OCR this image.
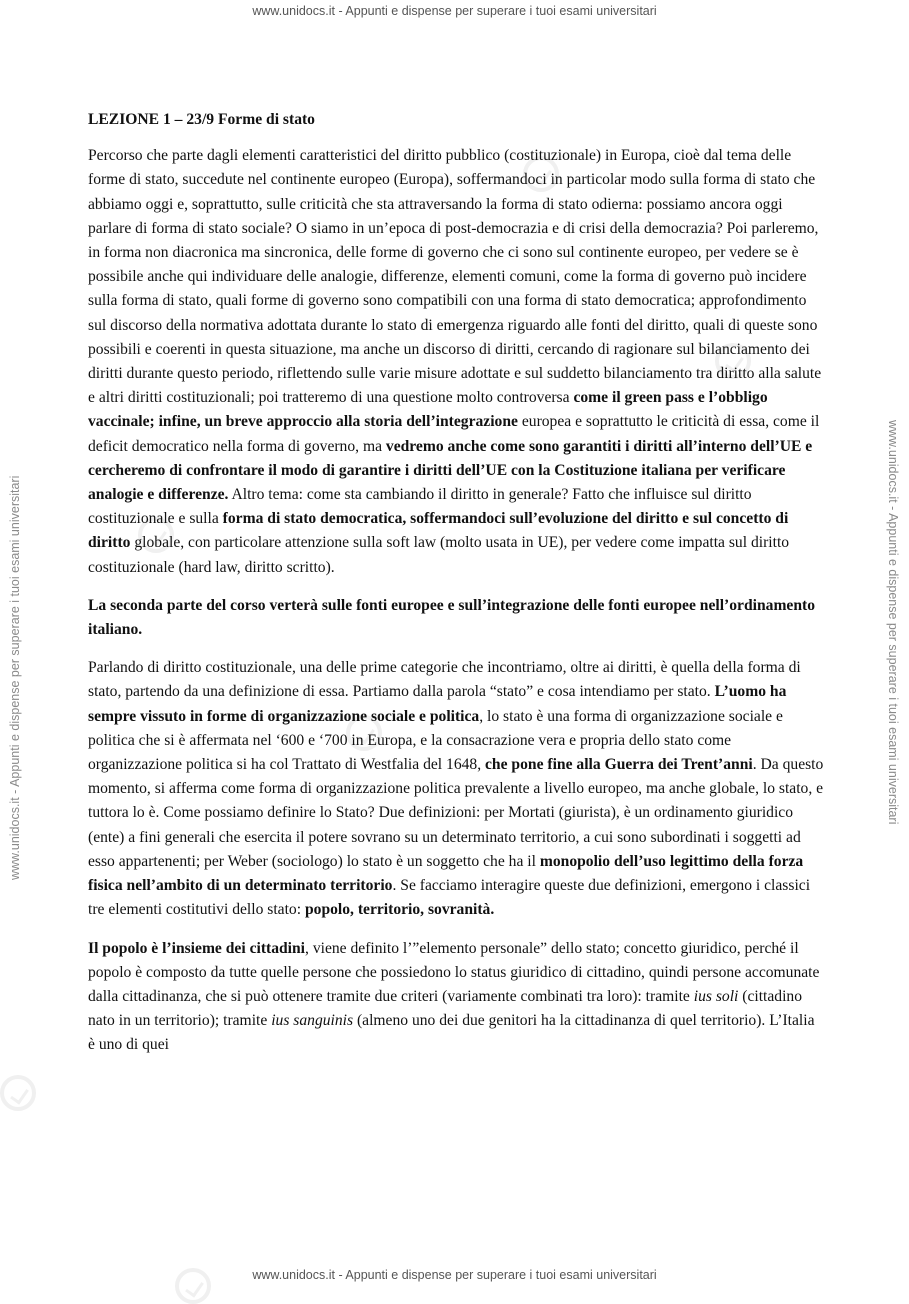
www.unidocs.it - Appunti e dispense per superare i tuoi esami universitari
www.unidocs.it - Appunti e dispense per superare i tuoi esami universitari
www.unidocs.it - Appunti e dispense per superare i tuoi esami universitari	www.unidocs.it - Appunti e dispense per superare i tuoi esami universitari
LEZIONE 1 – 23/9 Forme di stato

Percorso che parte dagli elementi caratteristici del diritto pubblico (costituzionale) in Europa, cioè dal tema delle forme di stato, succedute nel continente europeo (Europa), soffermandoci in particolar modo sulla forma di stato che abbiamo oggi e, soprattutto, sulle criticità che sta attraversando la forma di stato odierna: possiamo ancora oggi parlare di forma di stato sociale? O siamo in un’epoca di post-democrazia e di crisi della democrazia? Poi parleremo, in forma non diacronica ma sincronica, delle forme di governo che ci sono sul continente europeo, per vedere se è possibile anche qui individuare delle analogie, differenze, elementi comuni, come la forma di governo può incidere sulla forma di stato, quali forme di governo sono compatibili con una forma di stato democratica; approfondimento sul discorso della normativa adottata durante lo stato di emergenza riguardo alle fonti del diritto, quali di queste sono possibili e coerenti in questa situazione, ma anche un discorso di diritti, cercando di ragionare sul bilanciamento dei diritti durante questo periodo, riflettendo sulle varie misure adottate e sul suddetto bilanciamento tra diritto alla salute e altri diritti costituzionali; poi tratteremo di una questione molto controversa come il green pass e l’obbligo vaccinale; infine, un breve approccio alla storia dell’integrazione europea e soprattutto le criticità di essa, come il deficit democratico nella forma di governo, ma vedremo anche come sono garantiti i diritti all’interno dell’UE e cercheremo di confrontare il modo di garantire i diritti dell’UE con la Costituzione italiana per verificare analogie e differenze. Altro tema: come sta cambiando il diritto in generale? Fatto che influisce sul diritto costituzionale e sulla forma di stato democratica, soffermandoci sull’evoluzione del diritto e sul concetto di diritto globale, con particolare attenzione sulla soft law (molto usata in UE), per vedere come impatta sul diritto costituzionale (hard law, diritto scritto).

La seconda parte del corso verterà sulle fonti europee e sull’integrazione delle fonti europee nell’ordinamento italiano.

Parlando di diritto costituzionale, una delle prime categorie che incontriamo, oltre ai diritti, è quella della forma di stato, partendo da una definizione di essa. Partiamo dalla parola “stato” e cosa intendiamo per stato. L’uomo ha sempre vissuto in forme di organizzazione sociale e politica, lo stato è una forma di organizzazione sociale e politica che si è affermata nel ‘600 e ‘700 in Europa, e la consacrazione vera e propria dello stato come organizzazione politica si ha col Trattato di Westfalia del 1648, che pone fine alla Guerra dei Trent’anni. Da questo momento, si afferma come forma di organizzazione politica prevalente a livello europeo, ma anche globale, lo stato, e tuttora lo è. Come possiamo definire lo Stato? Due definizioni: per Mortati (giurista), è un ordinamento giuridico (ente) a fini generali che esercita il potere sovrano su un determinato territorio, a cui sono subordinati i soggetti ad esso appartenenti; per Weber (sociologo) lo stato è un soggetto che ha il monopolio dell’uso legittimo della forza fisica nell’ambito di un determinato territorio. Se facciamo interagire queste due definizioni, emergono i classici tre elementi costitutivi dello stato: popolo, territorio, sovranità.

Il popolo è l’insieme dei cittadini, viene definito l’”elemento personale” dello stato; concetto giuridico, perché il popolo è composto da tutte quelle persone che possiedono lo status giuridico di cittadino, quindi persone accomunate dalla cittadinanza, che si può ottenere tramite due criteri (variamente combinati tra loro): tramite ius soli (cittadino nato in un territorio); tramite ius sanguinis (almeno uno dei due genitori ha la cittadinanza di quel territorio). L’Italia è uno di quei
